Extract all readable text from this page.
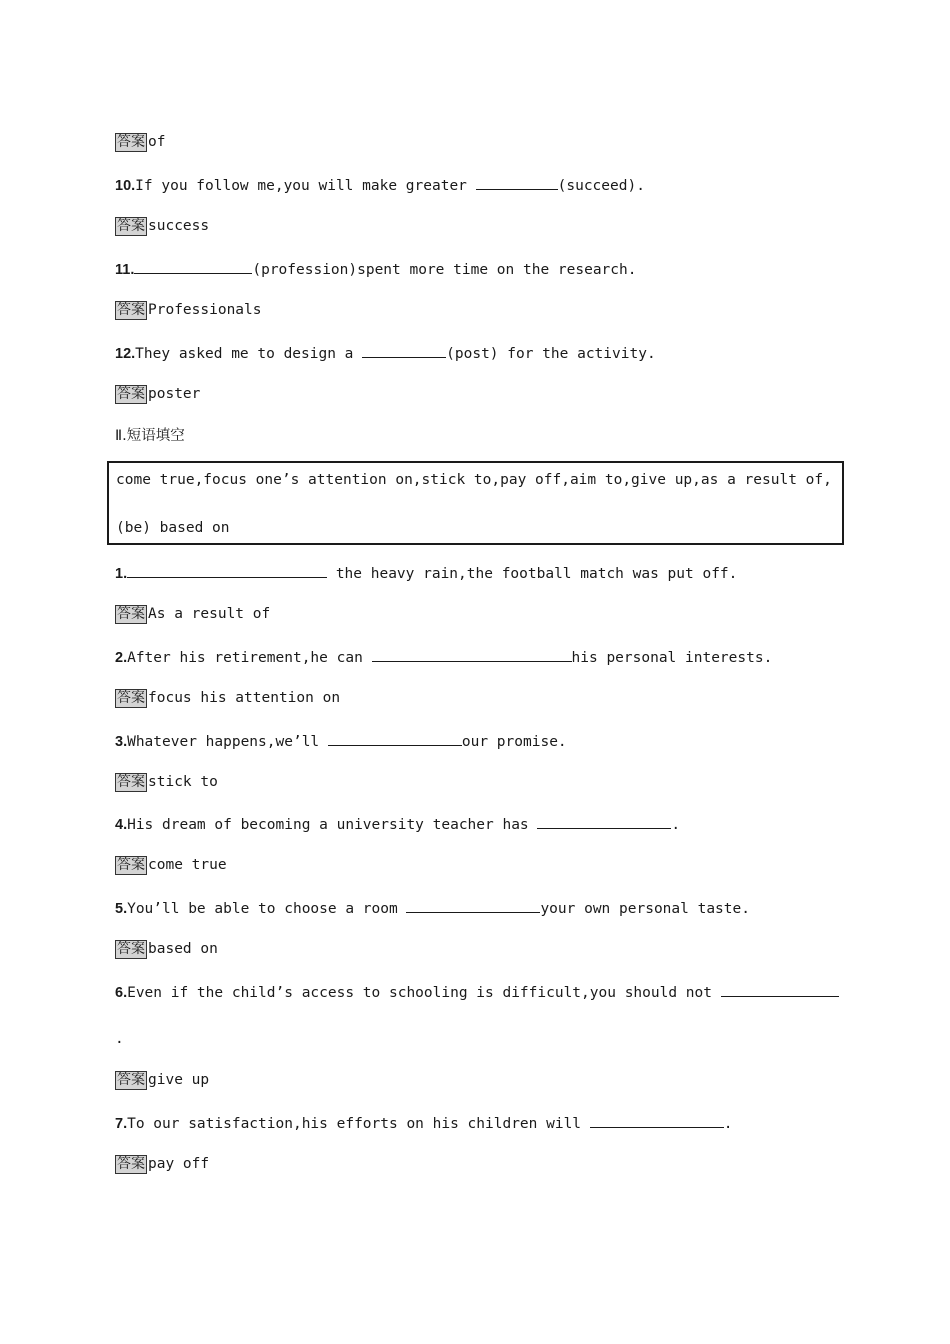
答案 of
10.If you follow me,you will make greater	(succeed).
答案 success
11.	(profession)spent more time on the research.
答案 Professionals
12.They asked me to design a	(post) for the activity.
答案 poster
Ⅱ.短语填空
come true,focus one’s attention on,stick to,pay off,aim to,give up,as a result of,
(be) based on
1.	the heavy rain,the football match was put off.
答案 As a result of
2.After his retirement,he can	his personal interests.
答案 focus his attention on
3.Whatever happens,we’ll	our promise.
答案 stick to
4.His dream of becoming a university teacher has	.
答案 come true
5.You’ll be able to choose a room	your own personal taste.
答案 based on
6.Even if the child’s access to schooling is difficult,you should not
.
答案 give up
7.To our satisfaction,his efforts on his children will	.
答案 pay off
